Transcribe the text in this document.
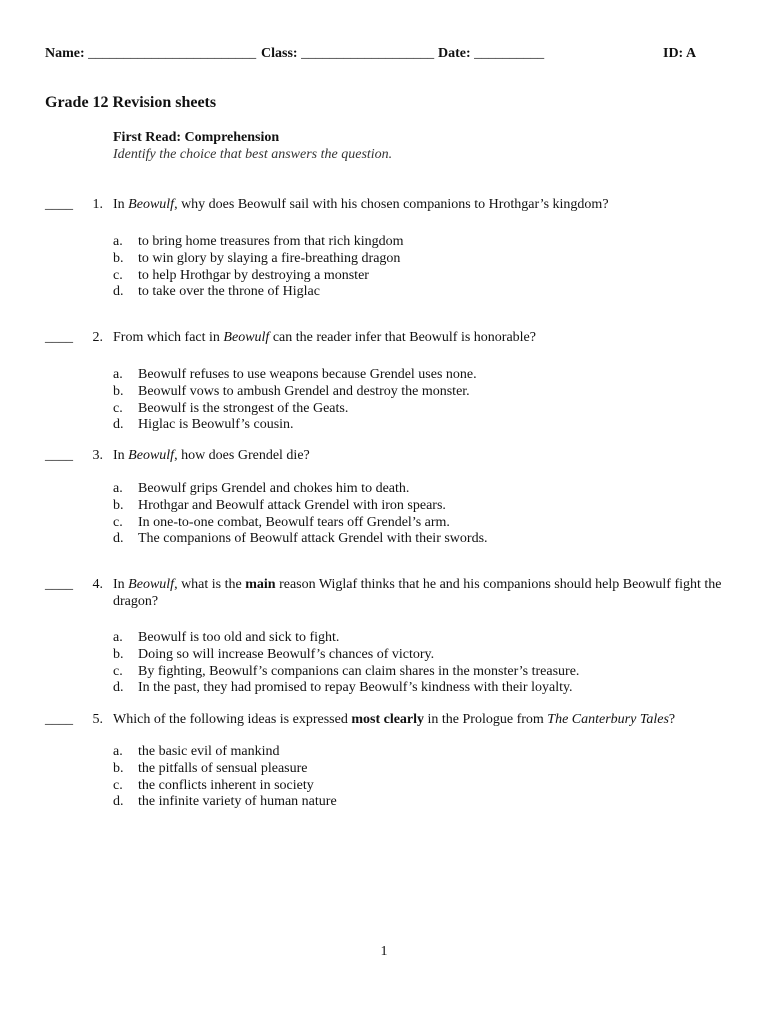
Name: ________________________ Class: ___________________ Date: __________	ID: A
Grade 12 Revision sheets
First Read: Comprehension
Identify the choice that best answers the question.
____	1. In Beowulf, why does Beowulf sail with his chosen companions to Hrothgar’s kingdom?
a.	to bring home treasures from that rich kingdom
b.	to win glory by slaying a fire-breathing dragon
c.	to help Hrothgar by destroying a monster
d.	to take over the throne of Higlac
____	2. From which fact in Beowulf can the reader infer that Beowulf is honorable?
a.	Beowulf refuses to use weapons because Grendel uses none.
b.	Beowulf vows to ambush Grendel and destroy the monster.
c.	Beowulf is the strongest of the Geats.
d.	Higlac is Beowulf’s cousin.
____	3. In Beowulf, how does Grendel die?
a.	Beowulf grips Grendel and chokes him to death.
b.	Hrothgar and Beowulf attack Grendel with iron spears.
c.	In one-to-one combat, Beowulf tears off Grendel’s arm.
d.	The companions of Beowulf attack Grendel with their swords.
____	4. In Beowulf, what is the main reason Wiglaf thinks that he and his companions should help Beowulf fight the dragon?
a.	Beowulf is too old and sick to fight.
b.	Doing so will increase Beowulf’s chances of victory.
c.	By fighting, Beowulf’s companions can claim shares in the monster’s treasure.
d.	In the past, they had promised to repay Beowulf’s kindness with their loyalty.
____	5. Which of the following ideas is expressed most clearly in the Prologue from The Canterbury Tales?
a.	the basic evil of mankind
b.	the pitfalls of sensual pleasure
c.	the conflicts inherent in society
d.	the infinite variety of human nature
1
